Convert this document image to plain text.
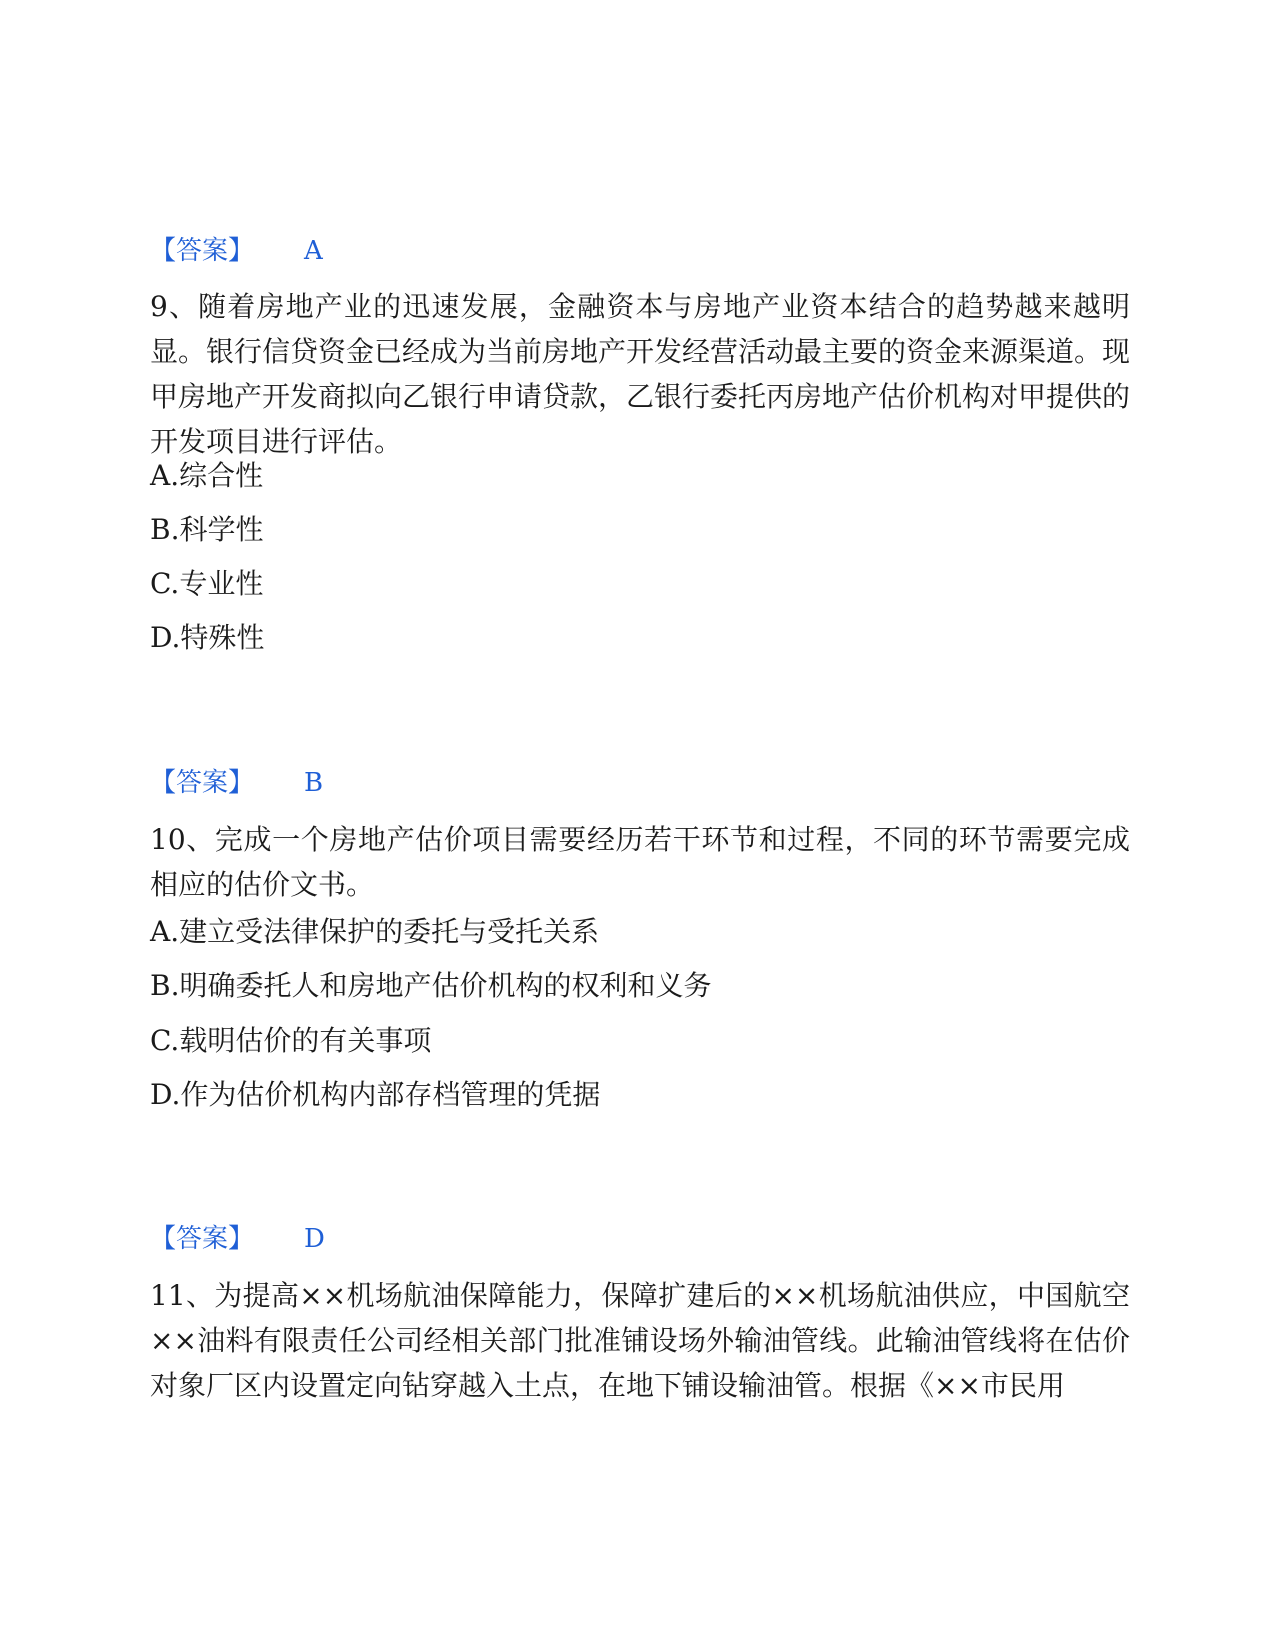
【答案】 A
9、随着房地产业的迅速发展，金融资本与房地产业资本结合的趋势越来越明显。银行信贷资金已经成为当前房地产开发经营活动最主要的资金来源渠道。现甲房地产开发商拟向乙银行申请贷款，乙银行委托丙房地产估价机构对甲提供的开发项目进行评估。
A.综合性
B.科学性
C.专业性
D.特殊性
【答案】 B
10、完成一个房地产估价项目需要经历若干环节和过程，不同的环节需要完成相应的估价文书。
A.建立受法律保护的委托与受托关系
B.明确委托人和房地产估价机构的权利和义务
C.载明估价的有关事项
D.作为估价机构内部存档管理的凭据
【答案】 D
11、为提高××机场航油保障能力，保障扩建后的××机场航油供应，中国航空××油料有限责任公司经相关部门批准铺设场外输油管线。此输油管线将在估价对象厂区内设置定向钻穿越入土点，在地下铺设输油管。根据《××市民用
